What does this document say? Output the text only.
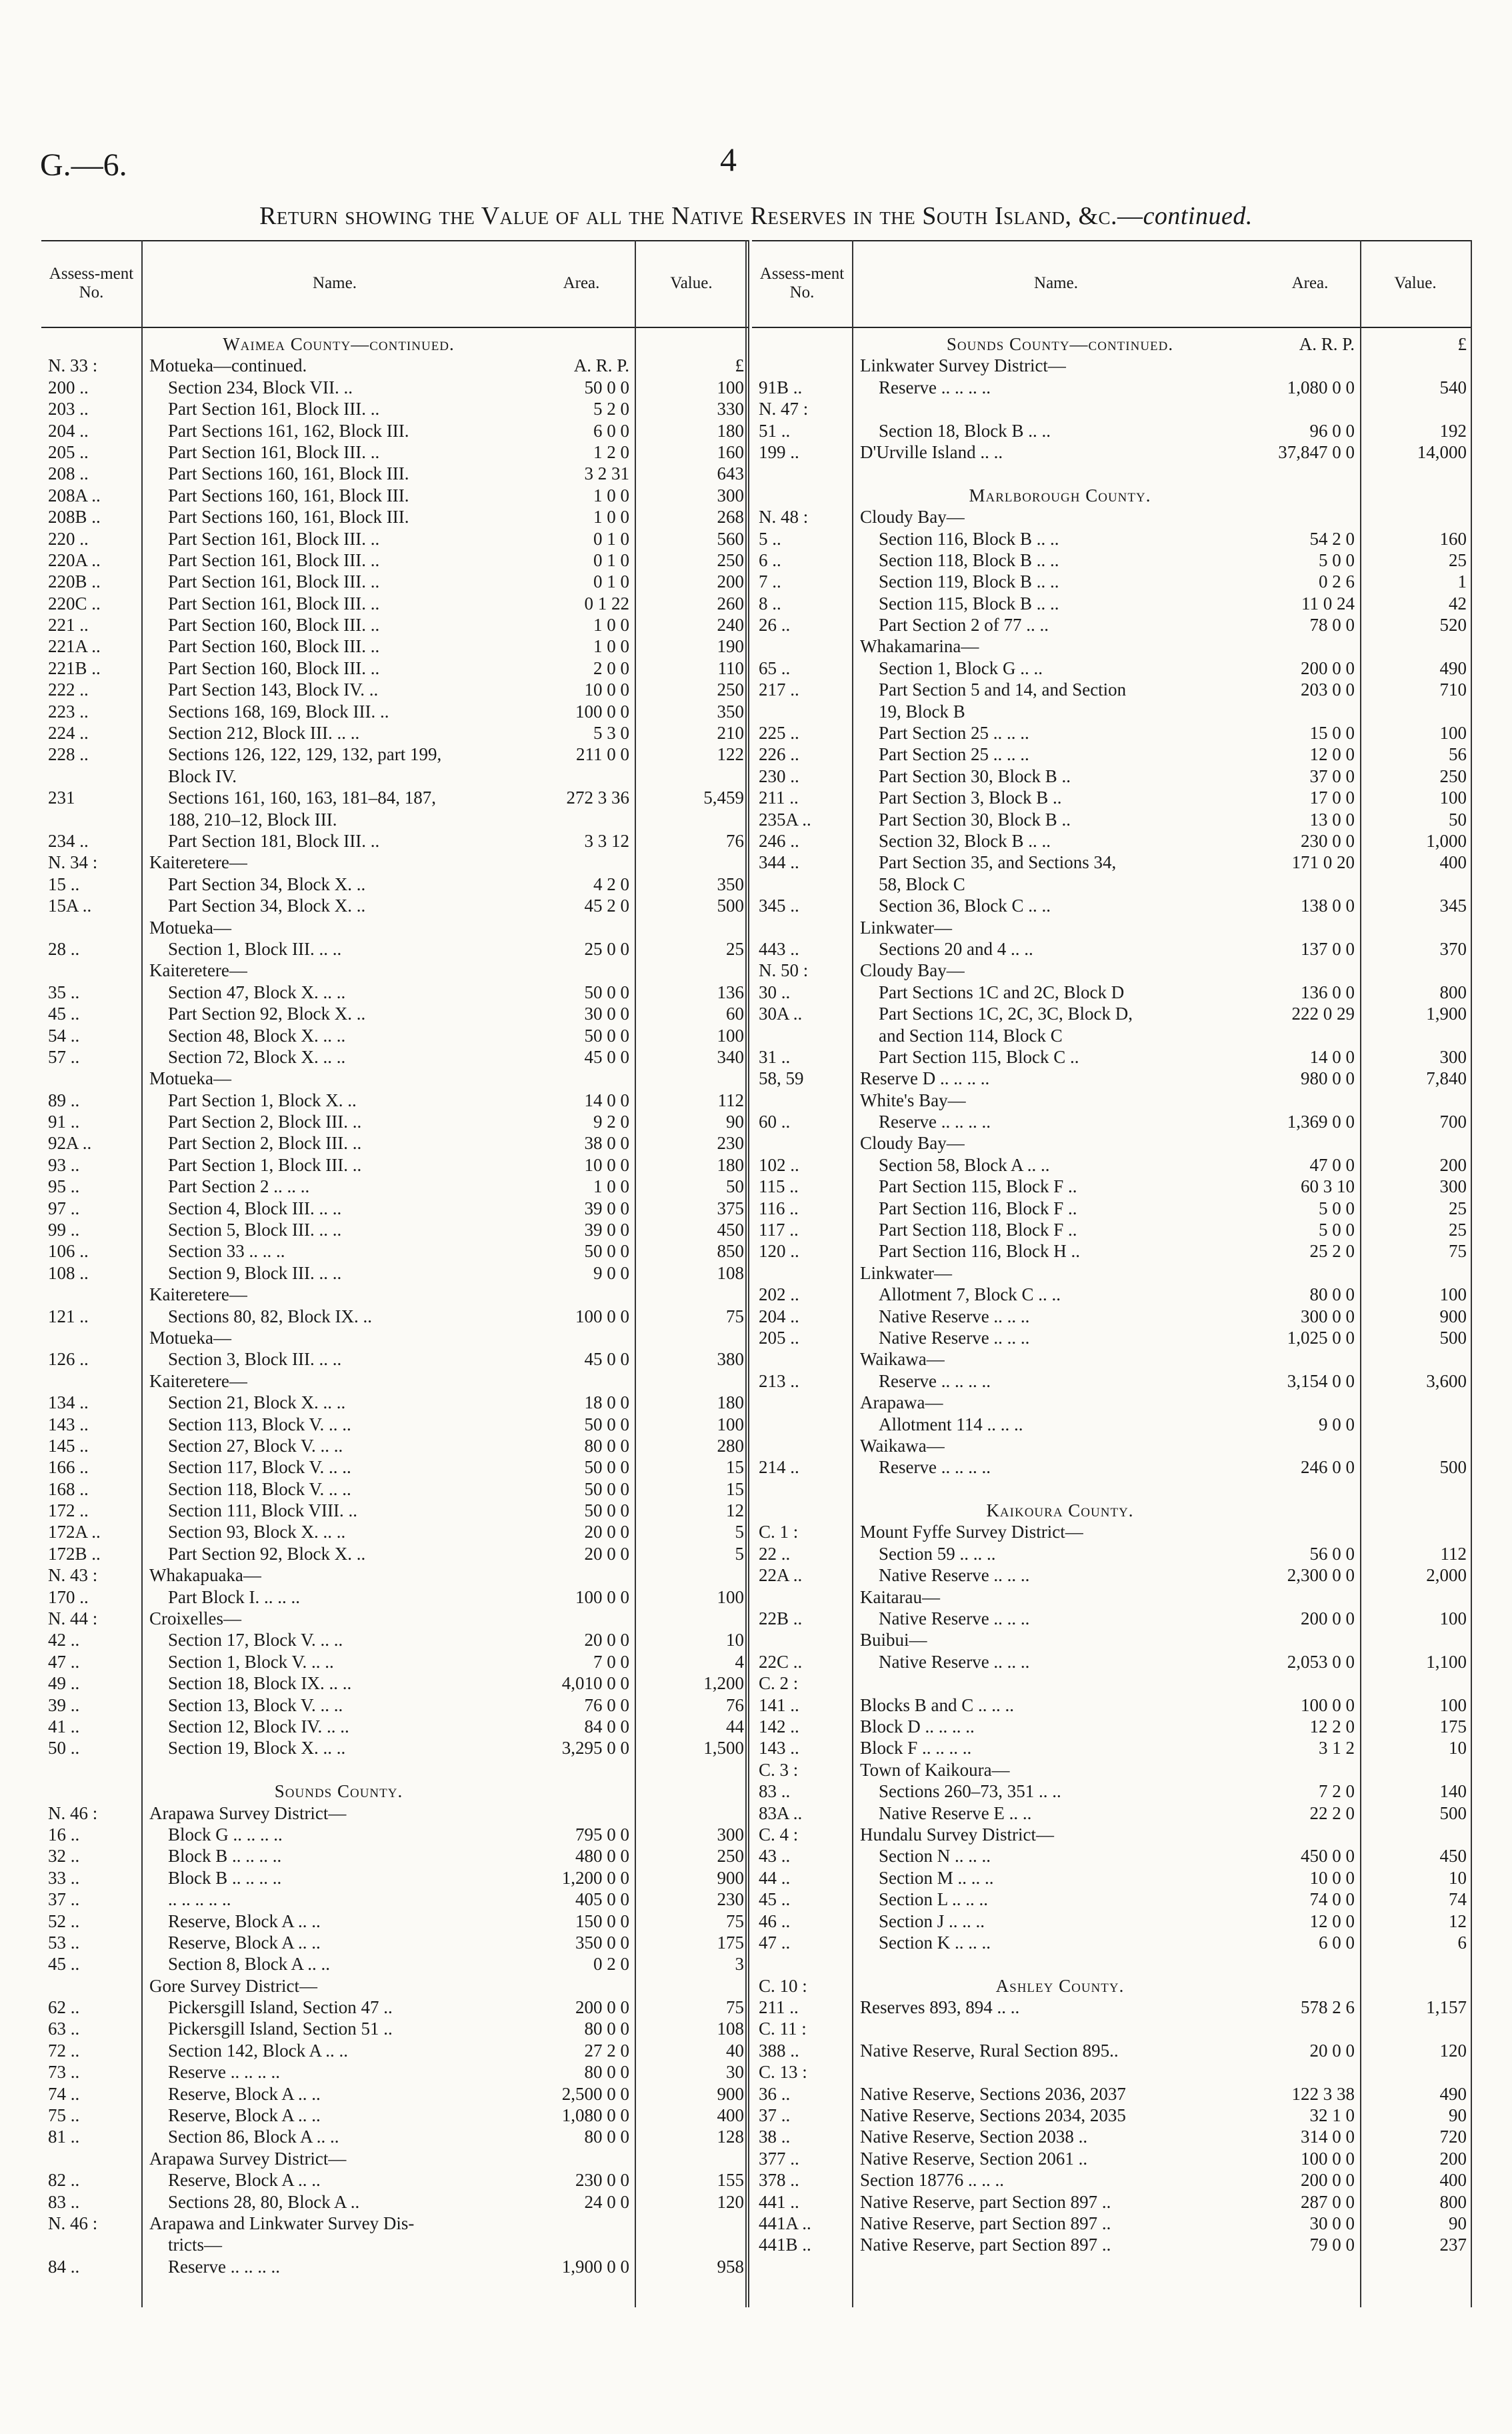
G.—6.	4
Return showing the Value of all the Native Reserves in the South Island, &c.—continued.
Assess-ment No.
Name.	Area.	Value.
Waimea County—continued.
N. 33 :	Motueka—continued.	A. R. P.	£
200 ..	Section 234, Block VII. ..	50 0 0	100
203 ..	Part Section 161, Block III. ..	5 2 0	330
204 ..	Part Sections 161, 162, Block III.	6 0 0	180
205 ..	Part Section 161, Block III. ..	1 2 0	160
208 ..	Part Sections 160, 161, Block III.	3 2 31	643
208A ..	Part Sections 160, 161, Block III.	1 0 0	300
208B ..	Part Sections 160, 161, Block III.	1 0 0	268
220 ..	Part Section 161, Block III. ..	0 1 0	560
220A ..	Part Section 161, Block III. ..	0 1 0	250
220B ..	Part Section 161, Block III. ..	0 1 0	200
220C ..	Part Section 161, Block III. ..	0 1 22	260
221 ..	Part Section 160, Block III. ..	1 0 0	240
221A ..	Part Section 160, Block III. ..	1 0 0	190
221B ..	Part Section 160, Block III. ..	2 0 0	110
222 ..	Part Section 143, Block IV. ..	10 0 0	250
223 ..	Sections 168, 169, Block III. ..	100 0 0	350
224 ..	Section 212, Block III. .. ..	5 3 0	210
228 ..	Sections 126, 122, 129, 132, part 199,	211 0 0	122
Block IV.
231	Sections 161, 160, 163, 181–84, 187,	272 3 36	5,459
188, 210–12, Block III.
234 ..	Part Section 181, Block III. ..	3 3 12	76
N. 34 :	Kaiteretere—
15 ..	Part Section 34, Block X. ..	4 2 0	350
15A ..	Part Section 34, Block X. ..	45 2 0	500
Motueka—
28 ..	Section 1, Block III. .. ..	25 0 0	25
Kaiteretere—
35 ..	Section 47, Block X. .. ..	50 0 0	136
45 ..	Part Section 92, Block X. ..	30 0 0	60
54 ..	Section 48, Block X. .. ..	50 0 0	100
57 ..	Section 72, Block X. .. ..	45 0 0	340
Motueka—
89 ..	Part Section 1, Block X. ..	14 0 0	112
91 ..	Part Section 2, Block III. ..	9 2 0	90
92A ..	Part Section 2, Block III. ..	38 0 0	230
93 ..	Part Section 1, Block III. ..	10 0 0	180
95 ..	Part Section 2 .. .. ..	1 0 0	50
97 ..	Section 4, Block III. .. ..	39 0 0	375
99 ..	Section 5, Block III. .. ..	39 0 0	450
106 ..	Section 33 .. .. ..	50 0 0	850
108 ..	Section 9, Block III. .. ..	9 0 0	108
Kaiteretere—
121 ..	Sections 80, 82, Block IX. ..	100 0 0	75
Motueka—
126 ..	Section 3, Block III. .. ..	45 0 0	380
Kaiteretere—
134 ..	Section 21, Block X. .. ..	18 0 0	180
143 ..	Section 113, Block V. .. ..	50 0 0	100
145 ..	Section 27, Block V. .. ..	80 0 0	280
166 ..	Section 117, Block V. .. ..	50 0 0	15
168 ..	Section 118, Block V. .. ..	50 0 0	15
172 ..	Section 111, Block VIII. ..	50 0 0	12
172A ..	Section 93, Block X. .. ..	20 0 0	5
172B ..	Part Section 92, Block X. ..	20 0 0	5
N. 43 :	Whakapuaka—
170 ..	Part Block I. .. .. ..	100 0 0	100
N. 44 :	Croixelles—
42 ..	Section 17, Block V. .. ..	20 0 0	10
47 ..	Section 1, Block V. .. ..	7 0 0	4
49 ..	Section 18, Block IX. .. ..	4,010 0 0	1,200
39 ..	Section 13, Block V. .. ..	76 0 0	76
41 ..	Section 12, Block IV. .. ..	84 0 0	44
50 ..	Section 19, Block X. .. ..	3,295 0 0	1,500
Sounds County.
N. 46 :	Arapawa Survey District—
16 ..	Block G .. .. .. ..	795 0 0	300
32 ..	Block B .. .. .. ..	480 0 0	250
33 ..	Block B .. .. .. ..	1,200 0 0	900
37 ..	.. .. .. .. ..	405 0 0	230
52 ..	Reserve, Block A .. ..	150 0 0	75
53 ..	Reserve, Block A .. ..	350 0 0	175
45 ..	Section 8, Block A .. ..	0 2 0	3
Gore Survey District—
62 ..	Pickersgill Island, Section 47 ..	200 0 0	75
63 ..	Pickersgill Island, Section 51 ..	80 0 0	108
72 ..	Section 142, Block A .. ..	27 2 0	40
73 ..	Reserve .. .. .. ..	80 0 0	30
74 ..	Reserve, Block A .. ..	2,500 0 0	900
75 ..	Reserve, Block A .. ..	1,080 0 0	400
81 ..	Section 86, Block A .. ..	80 0 0	128
Arapawa Survey District—
82 ..	Reserve, Block A .. ..	230 0 0	155
83 ..	Sections 28, 80, Block A ..	24 0 0	120
N. 46 :	Arapawa and Linkwater Survey Dis-
tricts—
84 ..	Reserve .. .. .. ..	1,900 0 0	958
Assess-ment No.
Name.	Area.	Value.
Sounds County—continued.	A. R. P.	£
Linkwater Survey District—
91B ..	Reserve .. .. .. ..	1,080 0 0	540
N. 47 :
51 ..	Section 18, Block B .. ..	96 0 0	192
199 ..	D'Urville Island .. ..	37,847 0 0	14,000
Marlborough County.
N. 48 :	Cloudy Bay—
5 ..	Section 116, Block B .. ..	54 2 0	160
6 ..	Section 118, Block B .. ..	5 0 0	25
7 ..	Section 119, Block B .. ..	0 2 6	1
8 ..	Section 115, Block B .. ..	11 0 24	42
26 ..	Part Section 2 of 77 .. ..	78 0 0	520
Whakamarina—
65 ..	Section 1, Block G .. ..	200 0 0	490
217 ..	Part Section 5 and 14, and Section	203 0 0	710
19, Block B
225 ..	Part Section 25 .. .. ..	15 0 0	100
226 ..	Part Section 25 .. .. ..	12 0 0	56
230 ..	Part Section 30, Block B ..	37 0 0	250
211 ..	Part Section 3, Block B ..	17 0 0	100
235A ..	Part Section 30, Block B ..	13 0 0	50
246 ..	Section 32, Block B .. ..	230 0 0	1,000
344 ..	Part Section 35, and Sections 34,	171 0 20	400
58, Block C
345 ..	Section 36, Block C .. ..	138 0 0	345
Linkwater—
443 ..	Sections 20 and 4 .. ..	137 0 0	370
N. 50 :	Cloudy Bay—
30 ..	Part Sections 1C and 2C, Block D	136 0 0	800
30A ..	Part Sections 1C, 2C, 3C, Block D,	222 0 29	1,900
and Section 114, Block C
31 ..	Part Section 115, Block C ..	14 0 0	300
58, 59	Reserve D .. .. .. ..	980 0 0	7,840
White's Bay—
60 ..	Reserve .. .. .. ..	1,369 0 0	700
Cloudy Bay—
102 ..	Section 58, Block A .. ..	47 0 0	200
115 ..	Part Section 115, Block F ..	60 3 10	300
116 ..	Part Section 116, Block F ..	5 0 0	25
117 ..	Part Section 118, Block F ..	5 0 0	25
120 ..	Part Section 116, Block H ..	25 2 0	75
Linkwater—
202 ..	Allotment 7, Block C .. ..	80 0 0	100
204 ..	Native Reserve .. .. ..	300 0 0	900
205 ..	Native Reserve .. .. ..	1,025 0 0	500
Waikawa—
213 ..	Reserve .. .. .. ..	3,154 0 0	3,600
Arapawa—
Allotment 114 .. .. ..	9 0 0
Waikawa—
214 ..	Reserve .. .. .. ..	246 0 0	500
Kaikoura County.
C. 1 :	Mount Fyffe Survey District—
22 ..	Section 59 .. .. ..	56 0 0	112
22A ..	Native Reserve .. .. ..	2,300 0 0	2,000
Kaitarau—
22B ..	Native Reserve .. .. ..	200 0 0	100
Buibui—
22C ..	Native Reserve .. .. ..	2,053 0 0	1,100
C. 2 :
141 ..	Blocks B and C .. .. ..	100 0 0	100
142 ..	Block D .. .. .. ..	12 2 0	175
143 ..	Block F .. .. .. ..	3 1 2	10
C. 3 :	Town of Kaikoura—
83 ..	Sections 260–73, 351 .. ..	7 2 0	140
83A ..	Native Reserve E .. ..	22 2 0	500
C. 4 :	Hundalu Survey District—
43 ..	Section N .. .. ..	450 0 0	450
44 ..	Section M .. .. ..	10 0 0	10
45 ..	Section L .. .. ..	74 0 0	74
46 ..	Section J .. .. ..	12 0 0	12
47 ..	Section K .. .. ..	6 0 0	6
C. 10 :	Ashley County.
211 ..	Reserves 893, 894 .. ..	578 2 6	1,157
C. 11 :
388 ..	Native Reserve, Rural Section 895..	20 0 0	120
C. 13 :
36 ..	Native Reserve, Sections 2036, 2037	122 3 38	490
37 ..	Native Reserve, Sections 2034, 2035	32 1 0	90
38 ..	Native Reserve, Section 2038 ..	314 0 0	720
377 ..	Native Reserve, Section 2061 ..	100 0 0	200
378 ..	Section 18776 .. .. ..	200 0 0	400
441 ..	Native Reserve, part Section 897 ..	287 0 0	800
441A ..	Native Reserve, part Section 897 ..	30 0 0	90
441B ..	Native Reserve, part Section 897 ..	79 0 0	237
